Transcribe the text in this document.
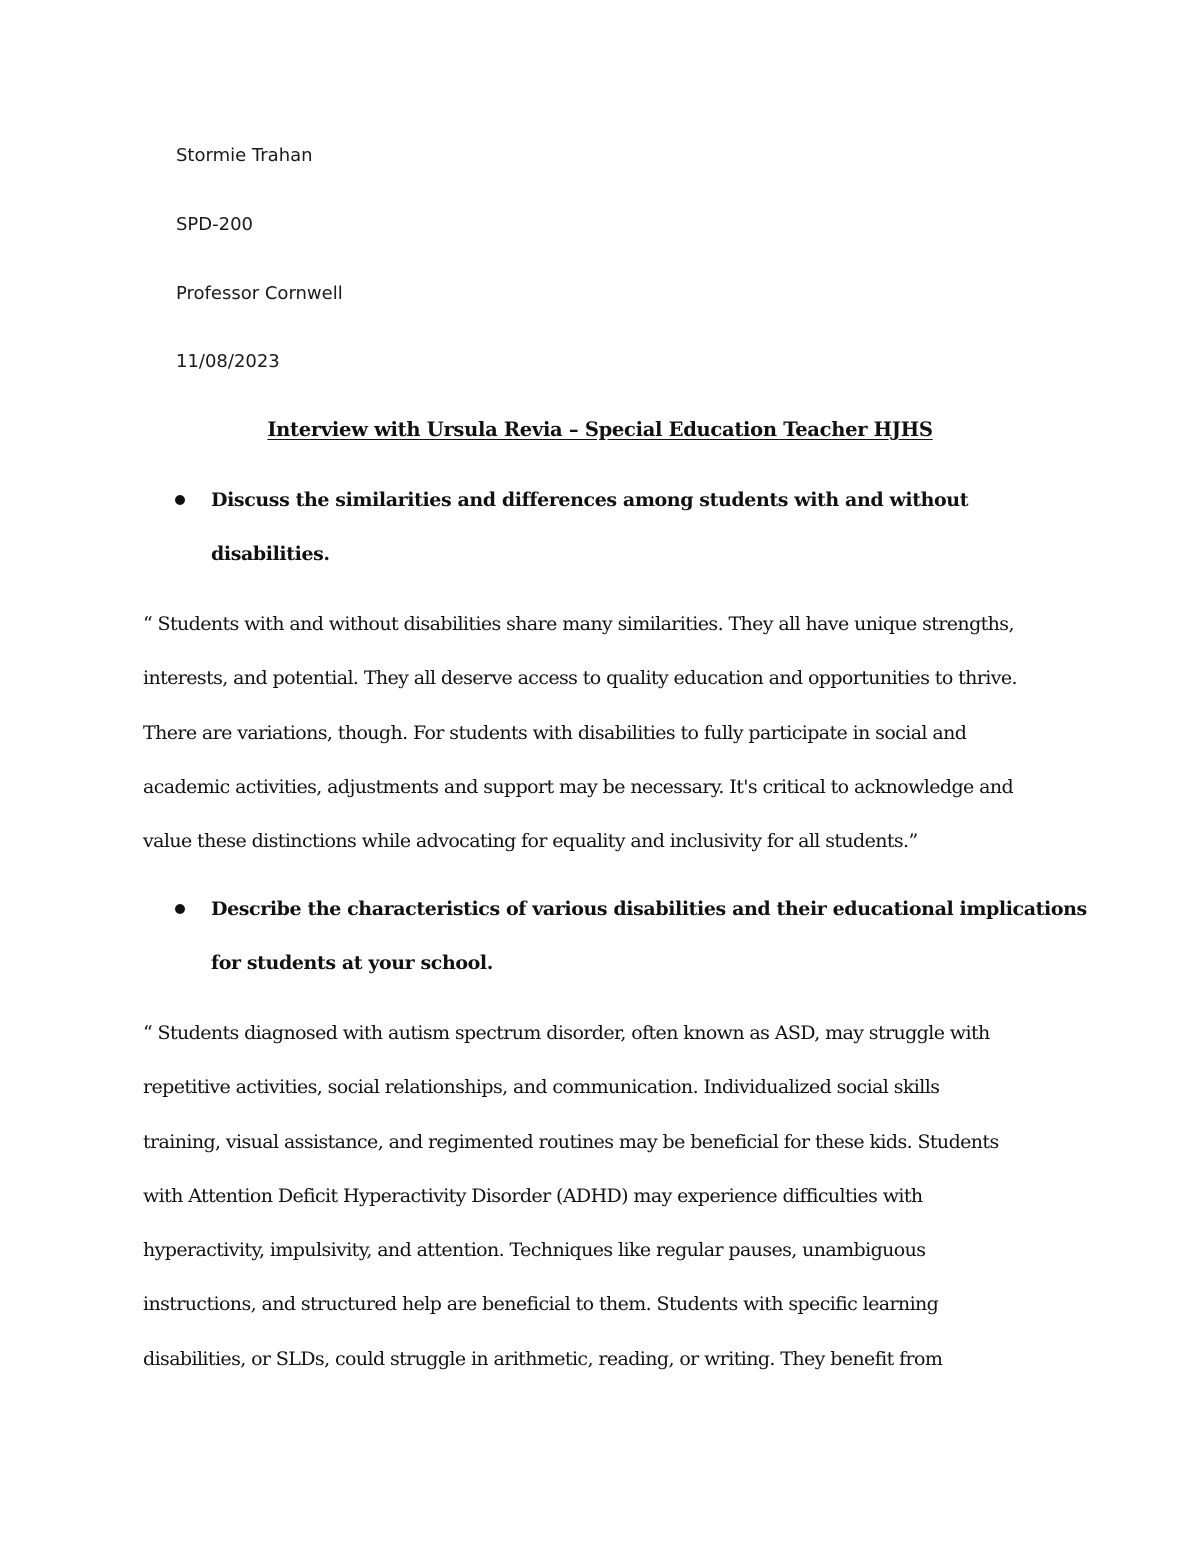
Stormie Trahan

SPD-200

Professor Cornwell

11/08/2023

Interview with Ursula Revia – Special Education Teacher HJHS
Discuss the similarities and differences among students with and without
disabilities.
“ Students with and without disabilities share many similarities. They all have unique strengths,
interests, and potential. They all deserve access to quality education and opportunities to thrive.
There are variations, though. For students with disabilities to fully participate in social and
academic activities, adjustments and support may be necessary. It's critical to acknowledge and
value these distinctions while advocating for equality and inclusivity for all students.”
Describe the characteristics of various disabilities and their educational implications
for students at your school.
“ Students diagnosed with autism spectrum disorder, often known as ASD, may struggle with
repetitive activities, social relationships, and communication. Individualized social skills
training, visual assistance, and regimented routines may be beneficial for these kids. Students
with Attention Deficit Hyperactivity Disorder (ADHD) may experience difficulties with
hyperactivity, impulsivity, and attention. Techniques like regular pauses, unambiguous
instructions, and structured help are beneficial to them. Students with specific learning
disabilities, or SLDs, could struggle in arithmetic, reading, or writing. They benefit from
